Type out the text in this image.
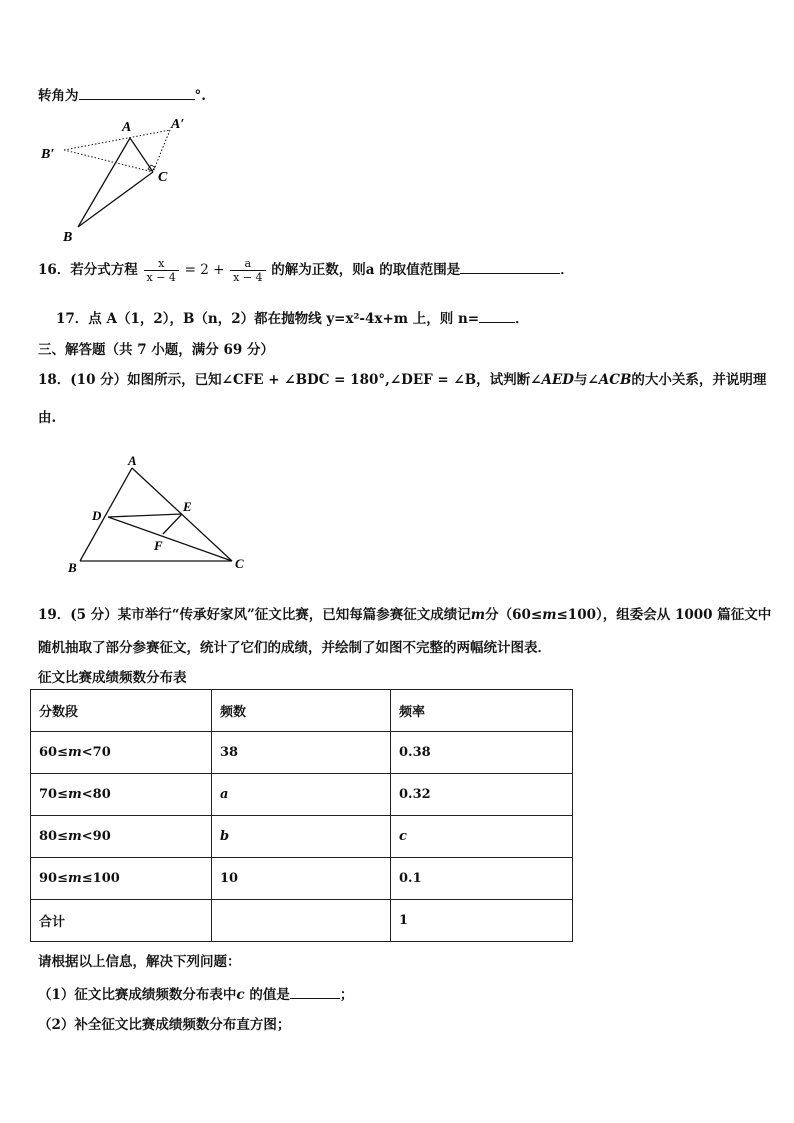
转角为	°.
A	A′
B′
C
B
16．若分式方程 $\frac{x}{x - 4} = 2 + \frac{a}{x - 4}$ 的解为正数，则a 的取值范围是	．
17．点 A（1，2），B（n，2）都在抛物线 y=x²-4x+m 上，则 n=	．
三、解答题（共 7 小题，满分 69 分）
18．(10 分）如图所示，已知∠CFE + ∠BDC = 180°,∠DEF = ∠B，试判断∠AED与∠ACB的大小关系，并说明理
由.
A
D
E
F
B	C
19．(5 分）某市举行“传承好家风”征文比赛，已知每篇参赛征文成绩记m分（60≤m≤100），组委会从 1000 篇征文中
随机抽取了部分参赛征文，统计了它们的成绩，并绘制了如图不完整的两幅统计图表．
征文比赛成绩频数分布表
分数段	频数	频率
60≤m<70	38	0.38
70≤m<80	a	0.32
80≤m<90	b	c
90≤m≤100	10	0.1
合计		1
请根据以上信息，解决下列问题：
（1）征文比赛成绩频数分布表中c 的值是	；
（2）补全征文比赛成绩频数分布直方图；
